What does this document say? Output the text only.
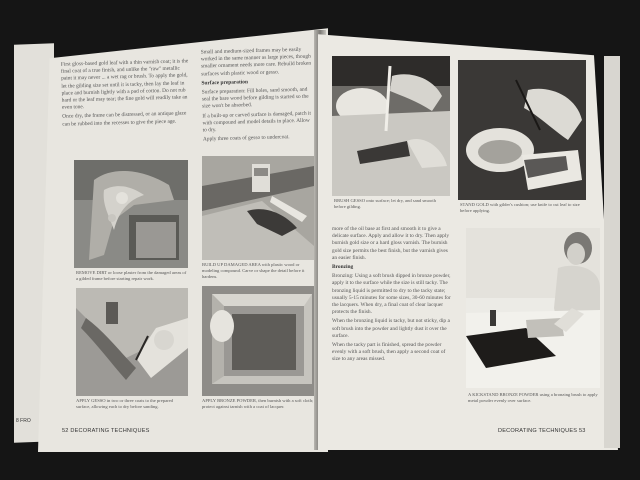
8 FRO

First gloss-based gold leaf with a thin varnish coat; it is the final coat of a true finish, and unlike the "raw" metallic paint it may never ... a wet rag or brush. To apply the gold, let the gilding size set until it is tacky, then lay the leaf in place and burnish lightly with a pad of cotton. Do not rub hard or the leaf may tear; the fine gold will readily take an even tone.

Once dry, the frame can be distressed, or an antique glaze can be rubbed into the recesses to give the piece age.

Small and medium-sized frames may be easily worked in the same manner as large pieces, though smaller ornament needs more care. Rebuild broken surfaces with plastic wood or gesso.

Surface preparation

Surface preparation: Fill holes, sand smooth, and seal the bare wood before gilding is started so the size won't be absorbed.

If a built-up or carved surface is damaged, patch it with compound and model details in place. Allow to dry.

Apply three coats of gesso to undercoat.

REMOVE DIRT or loose plaster from the damaged areas of a gilded frame before starting repair work.
BUILD UP DAMAGED AREA with plastic wood or modeling compound. Carve or shape the detail before it hardens.
APPLY GESSO in two or three coats to the prepared surface, allowing each to dry before sanding.
APPLY BRONZE POWDER, then burnish with a soft cloth; protect against tarnish with a coat of lacquer.
52 DECORATING TECHNIQUES
BRUSH GESSO onto surface; let dry, and sand smooth before gilding.	STAND GOLD with gilder's cushion; use knife to cut leaf to size before applying.

more of the oil base at first and smooth it to give a delicate surface. Apply and allow it to dry. Then apply burnish gold size or a hard gloss varnish. The burnish gold size permits the best finish, but the varnish gives an easier finish.

Bronzing

Bronzing: Using a soft brush dipped in bronze powder, apply it to the surface while the size is still tacky. The bronzing liquid is permitted to dry to the tacky state; usually 5-15 minutes for some sizes, 30-60 minutes for the lacquers. When dry, a final coat of clear lacquer protects the finish.

When the bronzing liquid is tacky, but not sticky, dip a soft brush into the powder and lightly dust it over the surface.

When the tacky part is finished, spread the powder evenly with a soft brush, then apply a second coat of size to any areas missed.

A KICKSTAND BRONZE POWDER using a bronzing brush to apply metal powder evenly over surface.
DECORATING TECHNIQUES 53
